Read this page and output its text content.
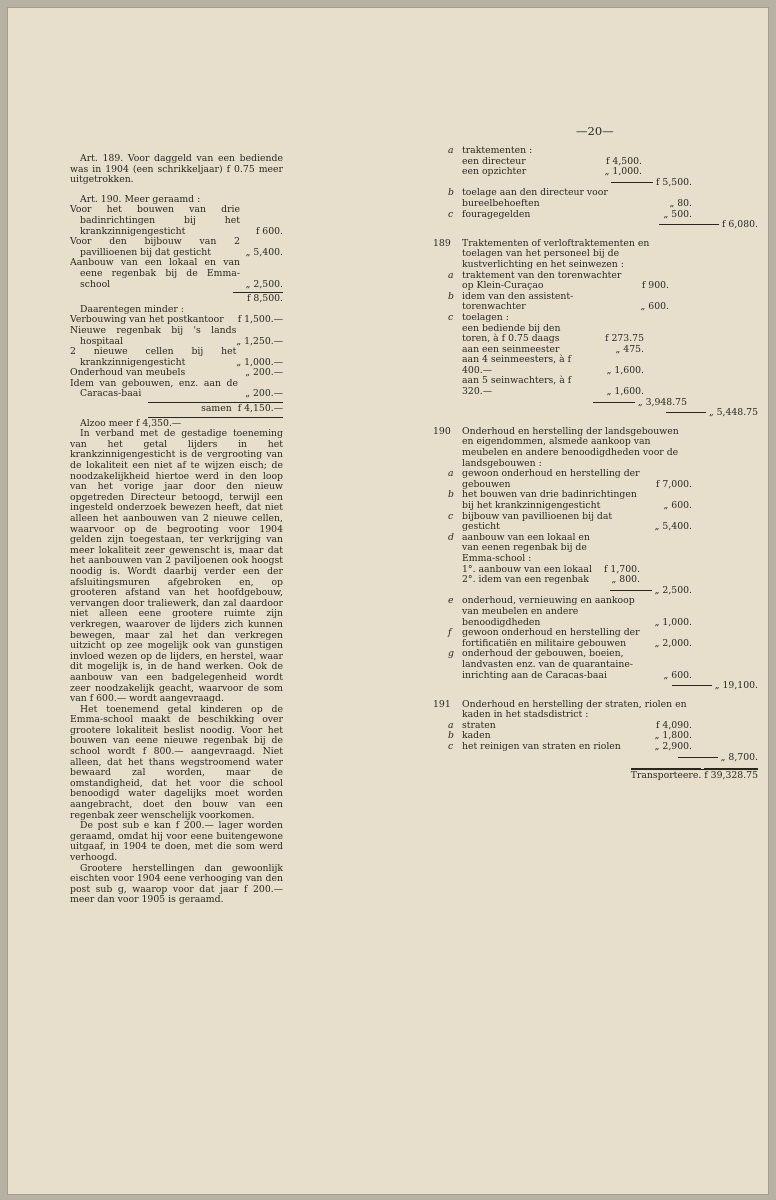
—20—

Art. 189. Voor daggeld van een bediende was in 1904 (een schrikkeljaar) f 0.75 meer uitgetrokken.

Art. 190. Meer geraamd :

Voor het bouwen van drie badinrichtingen bij het krankzinnigengesticht	f 600.

Voor den bijbouw van 2 pavillioenen bij dat gesticht	„ 5,400.

Aanbouw van een lokaal en van eene regenbak bij de Emma-school	„ 2,500.
f 8,500.

Daarentegen minder :

Verbouwing van het postkantoor	f 1,500.—

Nieuwe regenbak bij 's lands hospitaal	„ 1,250.—

2 nieuwe cellen bij het krankzinnigengesticht	„ 1,000.—

Onderhoud van meubels	„ 200.—

Idem van gebouwen, enz. aan de Caracas-baai	„ 200.—
samen f 4,150.—

Alzoo meer f 4,350.—

In verband met de gestadige toeneming van het getal lijders in het krankzinnigengesticht is de vergrooting van de lokaliteit een niet af te wijzen eisch; de noodzakelijkheid hiertoe werd in den loop van het vorige jaar door den nieuw opgetreden Directeur betoogd, terwijl een ingesteld onderzoek bewezen heeft, dat niet alleen het aanbouwen van 2 nieuwe cellen, waarvoor op de begrooting voor 1904 gelden zijn toegestaan, ter verkrijging van meer lokaliteit zeer gewenscht is, maar dat het aanbouwen van 2 paviljoenen ook hoogst noodig is. Wordt daarbij verder een der afsluitingsmuren afgebroken en, op grooteren afstand van het hoofdgebouw, vervangen door traliewerk, dan zal daardoor niet alleen eene grootere ruimte zijn verkregen, waarover de lijders zich kunnen bewegen, maar zal het dan verkregen uitzicht op zee mogelijk ook van gunstigen invloed wezen op de lijders, en herstel, waar dit mogelijk is, in de hand werken. Ook de aanbouw van een badgelegenheid wordt zeer noodzakelijk geacht, waarvoor de som van f 600.— wordt aangevraagd.

Het toenemend getal kinderen op de Emma-school maakt de beschikking over grootere lokaliteit beslist noodig. Voor het bouwen van eene nieuwe regenbak bij de school wordt f 800.— aangevraagd. Niet alleen, dat het thans wegstroomend water bewaard zal worden, maar de omstandigheid, dat het voor die school benoodigd water dagelijks moet worden aangebracht, doet den bouw van een regenbak zeer wenschelijk voorkomen.

De post sub e kan f 200.— lager worden geraamd, omdat hij voor eene buitengewone uitgaaf, in 1904 te doen, met die som werd verhoogd.

Grootere herstellingen dan gewoonlijk eischten voor 1904 eene verhooging van den post sub g, waarop voor dat jaar f 200.— meer dan voor 1905 is geraamd.

a traktementen :
een directeur	f 4,500.
een opzichter	„ 1,000.
f 5,500.
b toelage aan den directeur voor bureelbehoeften	„ 80.
c fouragegelden	„ 500.
f 6,080.
189 Traktementen of verloftraktementen en toelagen van het personeel bij de kustverlichting en het seinwezen :
a traktement van den torenwachter op Klein-Curaçao	f 900.
b idem van den assistent-torenwachter	„ 600.
c toelagen :
een bediende bij den toren, à f 0.75 daags	f 273.75
aan een seinmeester	„ 475.
aan 4 seinmeesters, à f 400.—	„ 1,600.
aan 5 seinwachters, à f 320.—	„ 1,600.
„ 3,948.75
„ 5,448.75
190 Onderhoud en herstelling der landsgebouwen en eigendommen, alsmede aankoop van meubelen en andere benoodigdheden voor de landsgebouwen :
a gewoon onderhoud en herstelling der gebouwen	f 7,000.
b het bouwen van drie badinrichtingen bij het krankzinnigengesticht	„ 600.
c bijbouw van pavillioenen bij dat gesticht	„ 5,400.
d aanbouw van een lokaal en van eenen regenbak bij de Emma-school :
1°. aanbouw van een lokaal f 1,700.
2°. idem van een regenbak „ 800.
„ 2,500.
e onderhoud, vernieuwing en aankoop van meubelen en andere benoodigdheden	„ 1,000.
f gewoon onderhoud en herstelling der fortificatiën en militaire gebouwen	„ 2,000.
g onderhoud der gebouwen, boeien, landvasten enz. van de quarantaine-inrichting aan de Caracas-baai	„ 600.
„ 19,100.
191 Onderhoud en herstelling der straten, riolen en kaden in het stadsdistrict :
a straten	f 4,090.
b kaden	„ 1,800.
c het reinigen van straten en riolen	„ 2,900.
„ 8,700.
Transporteere. f 39,328.75
